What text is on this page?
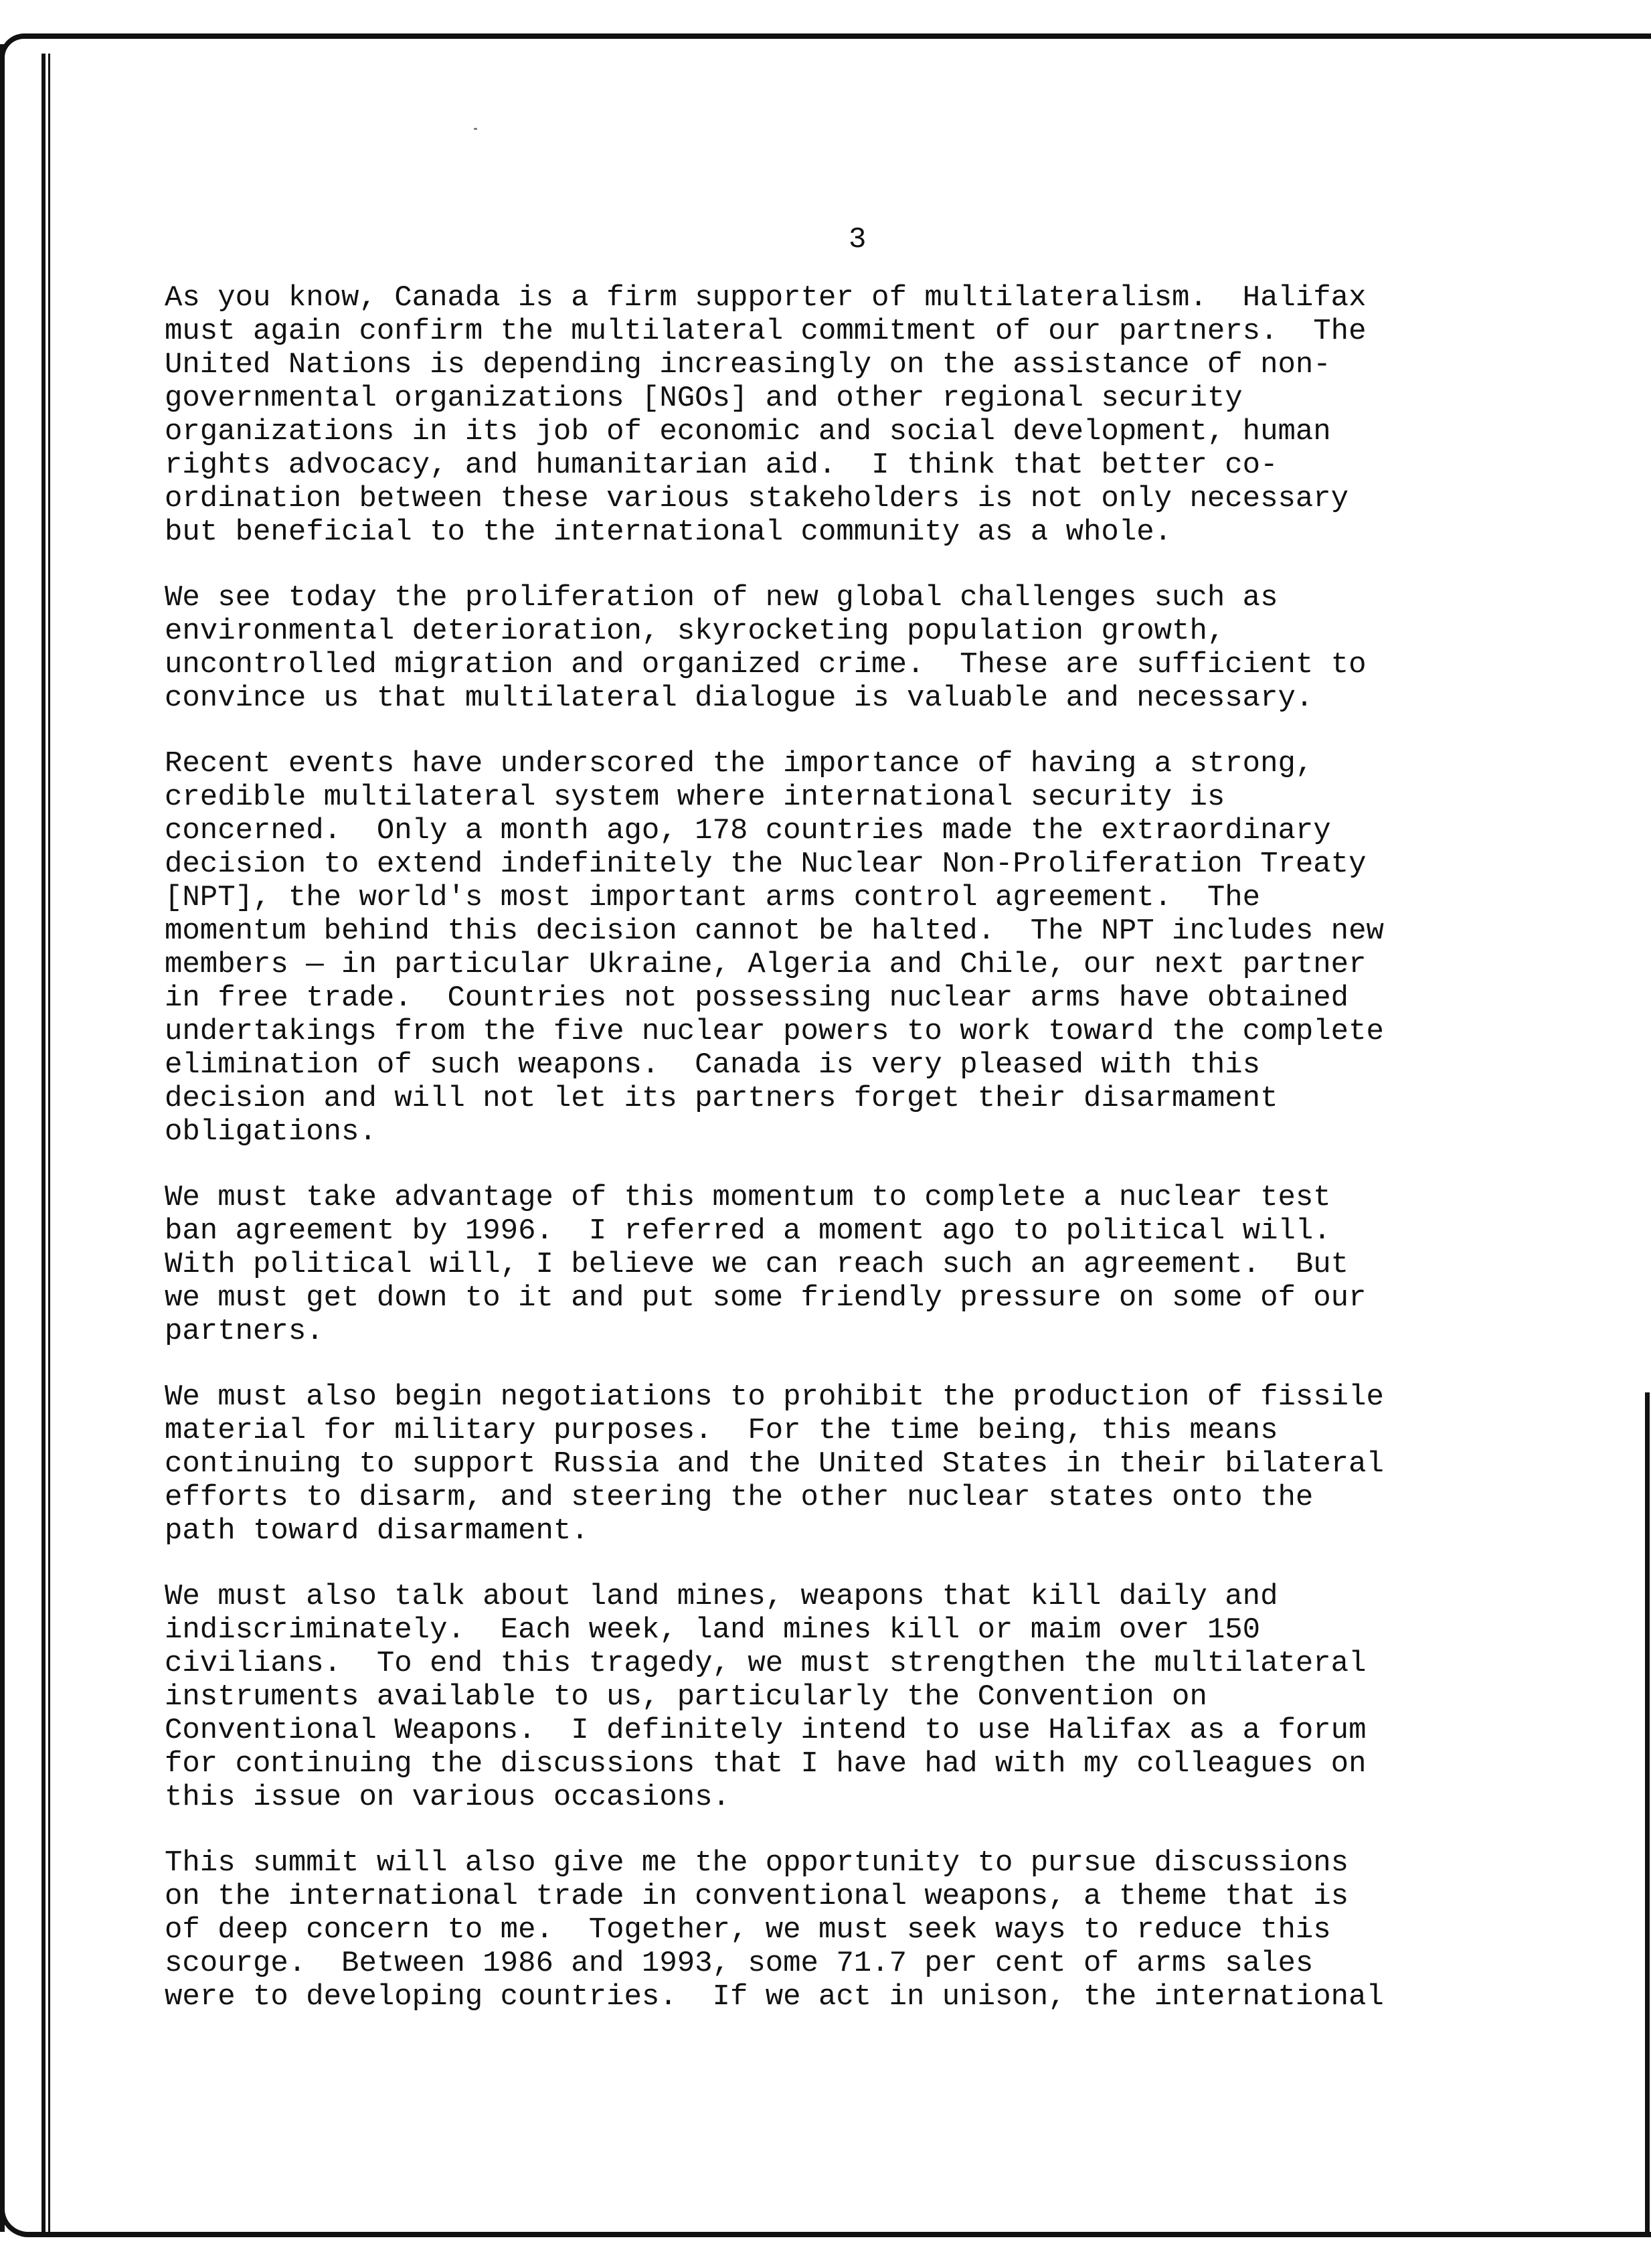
3

As you know, Canada is a firm supporter of multilateralism.  Halifax
must again confirm the multilateral commitment of our partners.  The
United Nations is depending increasingly on the assistance of non-
governmental organizations [NGOs] and other regional security
organizations in its job of economic and social development, human
rights advocacy, and humanitarian aid.  I think that better co-
ordination between these various stakeholders is not only necessary
but beneficial to the international community as a whole.

We see today the proliferation of new global challenges such as
environmental deterioration, skyrocketing population growth,
uncontrolled migration and organized crime.  These are sufficient to
convince us that multilateral dialogue is valuable and necessary.

Recent events have underscored the importance of having a strong,
credible multilateral system where international security is
concerned.  Only a month ago, 178 countries made the extraordinary
decision to extend indefinitely the Nuclear Non-Proliferation Treaty
[NPT], the world's most important arms control agreement.  The
momentum behind this decision cannot be halted.  The NPT includes new
members — in particular Ukraine, Algeria and Chile, our next partner
in free trade.  Countries not possessing nuclear arms have obtained
undertakings from the five nuclear powers to work toward the complete
elimination of such weapons.  Canada is very pleased with this
decision and will not let its partners forget their disarmament
obligations.

We must take advantage of this momentum to complete a nuclear test
ban agreement by 1996.  I referred a moment ago to political will.
With political will, I believe we can reach such an agreement.  But
we must get down to it and put some friendly pressure on some of our
partners.

We must also begin negotiations to prohibit the production of fissile
material for military purposes.  For the time being, this means
continuing to support Russia and the United States in their bilateral
efforts to disarm, and steering the other nuclear states onto the
path toward disarmament.

We must also talk about land mines, weapons that kill daily and
indiscriminately.  Each week, land mines kill or maim over 150
civilians.  To end this tragedy, we must strengthen the multilateral
instruments available to us, particularly the Convention on
Conventional Weapons.  I definitely intend to use Halifax as a forum
for continuing the discussions that I have had with my colleagues on
this issue on various occasions.

This summit will also give me the opportunity to pursue discussions
on the international trade in conventional weapons, a theme that is
of deep concern to me.  Together, we must seek ways to reduce this
scourge.  Between 1986 and 1993, some 71.7 per cent of arms sales
were to developing countries.  If we act in unison, the international
